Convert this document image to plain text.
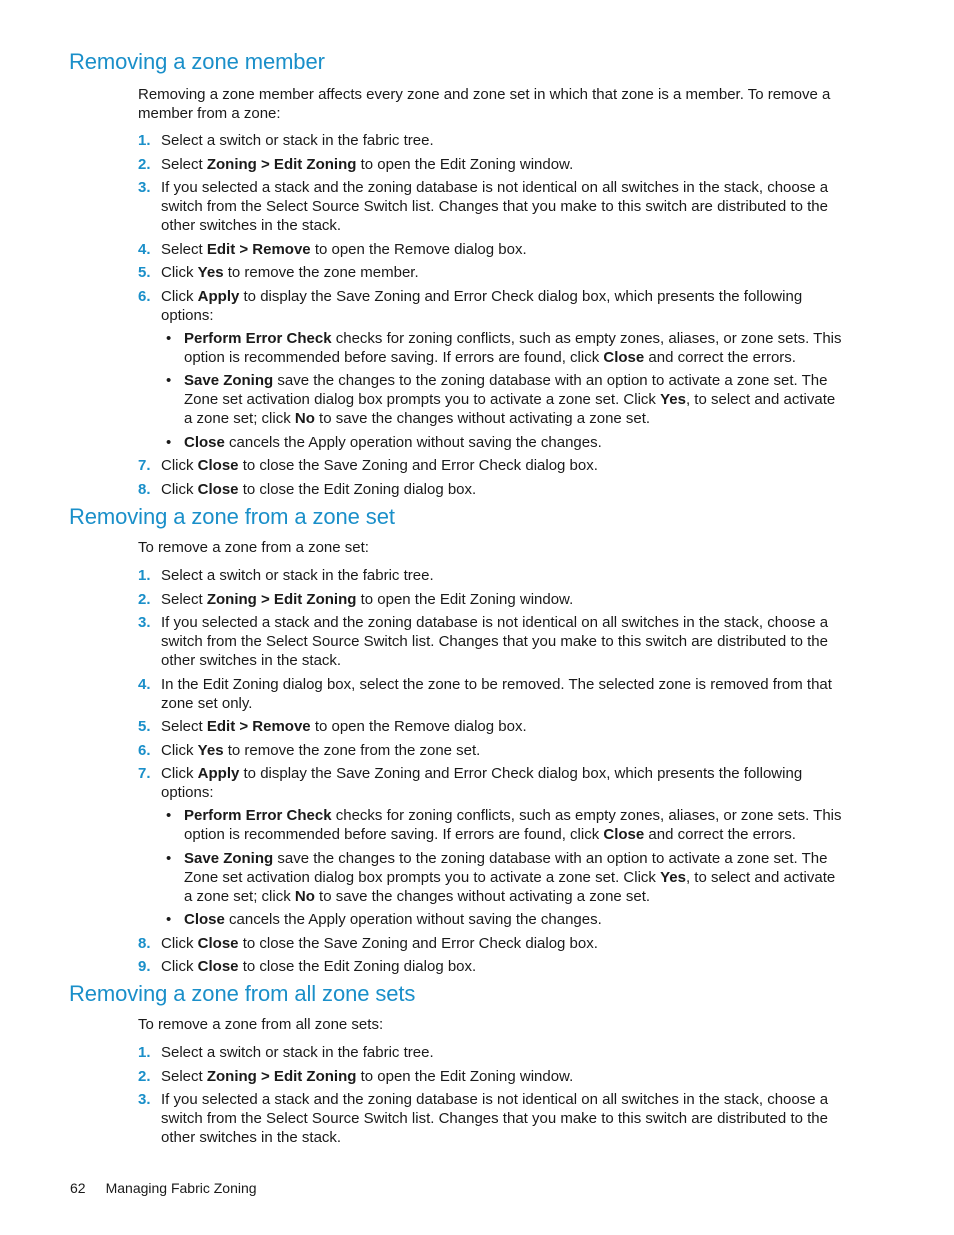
Removing a zone member

Removing a zone member affects every zone and zone set in which that zone is a member. To remove a member from a zone:

1. Select a switch or stack in the fabric tree.
2. Select Zoning > Edit Zoning to open the Edit Zoning window.
3. If you selected a stack and the zoning database is not identical on all switches in the stack, choose a switch from the Select Source Switch list. Changes that you make to this switch are distributed to the other switches in the stack.
4. Select Edit > Remove to open the Remove dialog box.
5. Click Yes to remove the zone member.
6. Click Apply to display the Save Zoning and Error Check dialog box, which presents the following options:
• Perform Error Check checks for zoning conflicts, such as empty zones, aliases, or zone sets. This option is recommended before saving. If errors are found, click Close and correct the errors.
• Save Zoning save the changes to the zoning database with an option to activate a zone set. The Zone set activation dialog box prompts you to activate a zone set. Click Yes, to select and activate a zone set; click No to save the changes without activating a zone set.
• Close cancels the Apply operation without saving the changes.
7. Click Close to close the Save Zoning and Error Check dialog box.
8. Click Close to close the Edit Zoning dialog box.
Removing a zone from a zone set

To remove a zone from a zone set:

1. Select a switch or stack in the fabric tree.
2. Select Zoning > Edit Zoning to open the Edit Zoning window.
3. If you selected a stack and the zoning database is not identical on all switches in the stack, choose a switch from the Select Source Switch list. Changes that you make to this switch are distributed to the other switches in the stack.
4. In the Edit Zoning dialog box, select the zone to be removed. The selected zone is removed from that zone set only.
5. Select Edit > Remove to open the Remove dialog box.
6. Click Yes to remove the zone from the zone set.
7. Click Apply to display the Save Zoning and Error Check dialog box, which presents the following options:
• Perform Error Check checks for zoning conflicts, such as empty zones, aliases, or zone sets. This option is recommended before saving. If errors are found, click Close and correct the errors.
• Save Zoning save the changes to the zoning database with an option to activate a zone set. The Zone set activation dialog box prompts you to activate a zone set. Click Yes, to select and activate a zone set; click No to save the changes without activating a zone set.
• Close cancels the Apply operation without saving the changes.
8. Click Close to close the Save Zoning and Error Check dialog box.
9. Click Close to close the Edit Zoning dialog box.
Removing a zone from all zone sets

To remove a zone from all zone sets:

1. Select a switch or stack in the fabric tree.
2. Select Zoning > Edit Zoning to open the Edit Zoning window.
3. If you selected a stack and the zoning database is not identical on all switches in the stack, choose a switch from the Select Source Switch list. Changes that you make to this switch are distributed to the other switches in the stack.
62 Managing Fabric Zoning
